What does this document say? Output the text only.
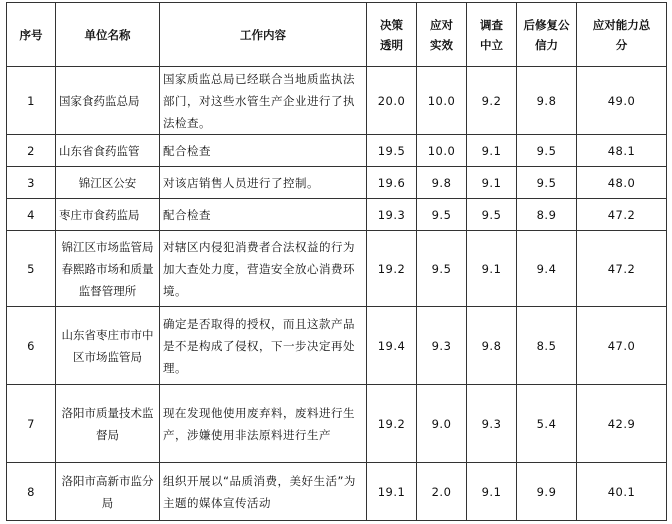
序号	单位名称	工作内容	决策透明	应对实效	调查中立	后修复公信力	应对能力总分
1	国家食药监总局	国家质监总局已经联合当地质监执法部门，对这些水管生产企业进行了执法检查。	20.0	10.0	9.2	9.8	49.0
2	山东省食药监管	配合检查	19.5	10.0	9.1	9.5	48.1
3	锦江区公安	对该店销售人员进行了控制。	19.6	9.8	9.1	9.5	48.0
4	枣庄市食药监局	配合检查	19.3	9.5	9.5	8.9	47.2
5	锦江区市场监管局春熙路市场和质量监督管理所	对辖区内侵犯消费者合法权益的行为加大查处力度，营造安全放心消费环境。	19.2	9.5	9.1	9.4	47.2
6	山东省枣庄市市中区市场监管局	确定是否取得的授权，而且这款产品是不是构成了侵权，下一步决定再处理。	19.4	9.3	9.8	8.5	47.0
7	洛阳市质量技术监督局	现在发现他使用废弃料，废料进行生产，涉嫌使用非法原料进行生产	19.2	9.0	9.3	5.4	42.9
8	洛阳市高新市监分局	组织开展以“品质消费，美好生活”为主题的媒体宣传活动	19.1	2.0	9.1	9.9	40.1
